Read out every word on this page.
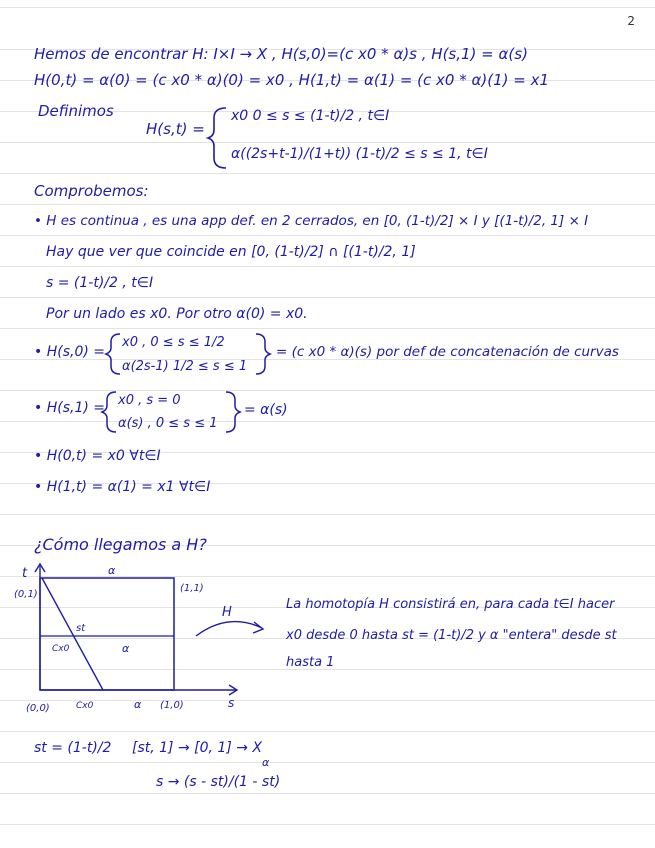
2
Hemos de encontrar H: I×I → X , H(s,0)=(c x0 * α)s , H(s,1) = α(s)
H(0,t) = α(0) = (c x0 * α)(0) = x0 , H(1,t) = α(1) = (c x0 * α)(1) = x1
Definimos
H(s,t) =
x0 0 ≤ s ≤ (1-t)/2 , t∈I
α((2s+t-1)/(1+t)) (1-t)/2 ≤ s ≤ 1, t∈I
Comprobemos:
• H es continua , es una app def. en 2 cerrados, en [0, (1-t)/2] × I y [(1-t)/2, 1] × I
Hay que ver que coincide en [0, (1-t)/2] ∩ [(1-t)/2, 1]
s = (1-t)/2 , t∈I
Por un lado es x0. Por otro α(0) = x0.
• H(s,0) =
x0 , 0 ≤ s ≤ 1/2
α(2s-1) 1/2 ≤ s ≤ 1
= (c x0 * α)(s) por def de concatenación de curvas
• H(s,1) = x0 , s = 0
α(s) , 0 ≤ s ≤ 1
= α(s)
• H(0,t) = x0 ∀t∈I
• H(1,t) = α(1) = x1 ∀t∈I
¿Cómo llegamos a H?
t
s
(0,1)
(1,1)
(0,0)	(1,0)
α
st
Cx0	α
Cx0	α
H
La homotopía H consistirá en, para cada t∈I hacer
x0 desde 0 hasta st = (1-t)/2 y α "entera" desde st
hasta 1
st = (1-t)/2 [st, 1] → [0, 1] → X
α
s → (s - st)/(1 - st)
